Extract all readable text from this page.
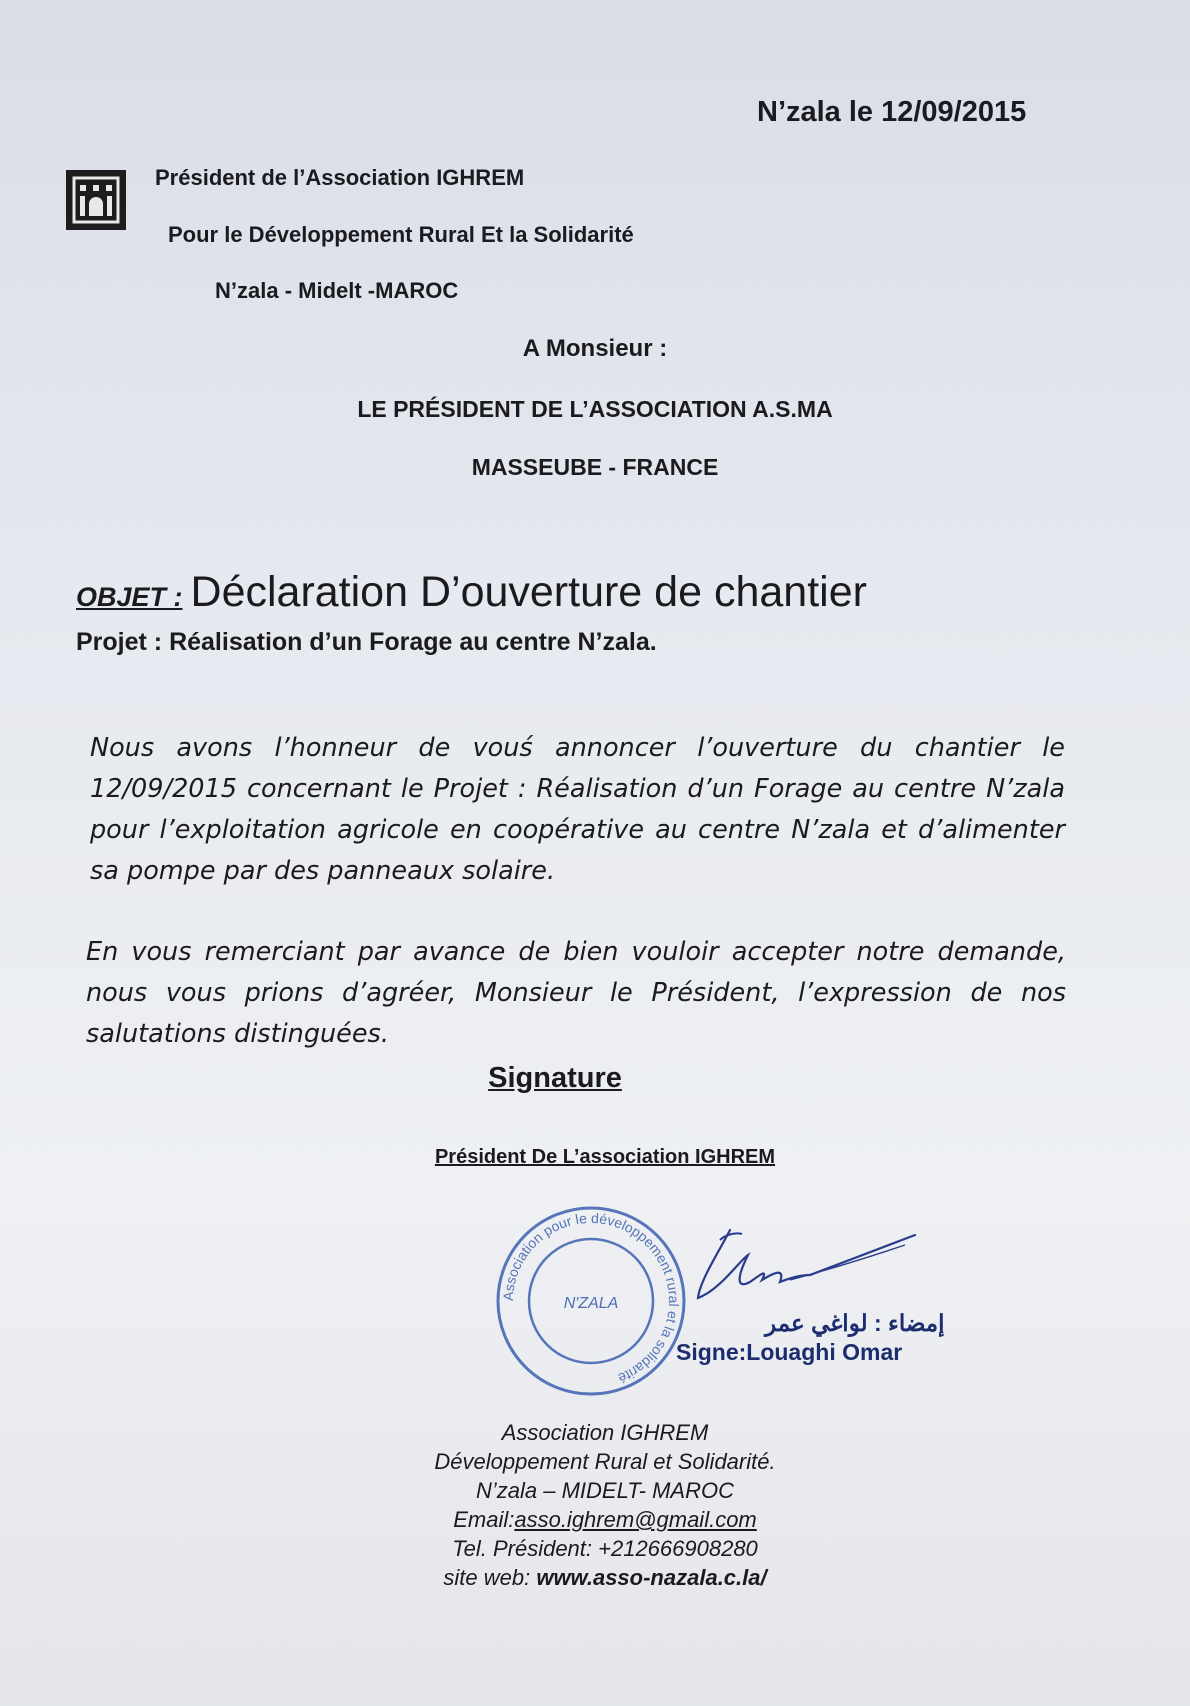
N’zala le 12/09/2015
Président de l’Association IGHREM
Pour le Développement Rural Et la Solidarité
N’zala - Midelt -MAROC
A Monsieur :
LE PRÉSIDENT DE L’ASSOCIATION A.S.MA
MASSEUBE - FRANCE
OBJET : Déclaration D’ouverture de chantier
Projet : Réalisation d’un Forage au centre N’zala.
Nous avons l’honneur de vouś annoncer l’ouverture du chantier le 12/09/2015 concernant le Projet : Réalisation d’un Forage au centre N’zala pour l’exploitation agricole en coopérative au centre N’zala et d’alimenter sa pompe par des panneaux solaire.
En vous remerciant par avance de bien vouloir accepter notre demande, nous vous prions d’agréer, Monsieur le Président, l’expression de nos salutations distinguées.
Signature
Président De L’association IGHREM
Association pour le développement rural et la solidarité
N'ZALA
إمضاء : لواغي عمر
Signe:Louaghi Omar
Association IGHREM
Développement Rural et Solidarité.
N’zala – MIDELT- MAROC
Email:asso.ighrem@gmail.com
Tel. Président: +212666908280
site web: www.asso-nazala.c.la/
